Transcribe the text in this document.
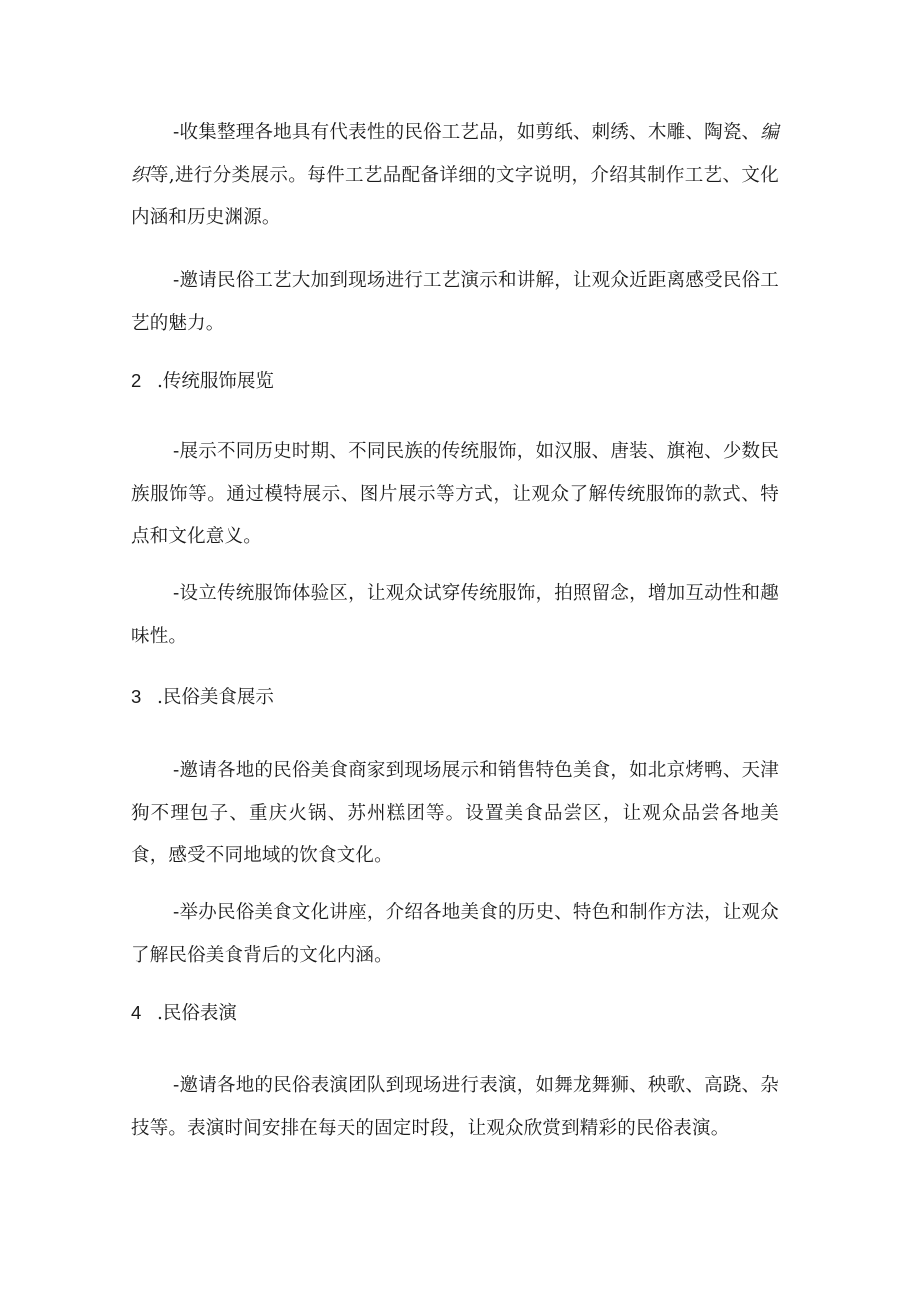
-收集整理各地具有代表性的民俗工艺品，如剪纸、刺绣、木雕、陶瓷、编织等,进行分类展示。每件工艺品配备详细的文字说明，介绍其制作工艺、文化内涵和历史渊源。

-邀请民俗工艺大加到现场进行工艺演示和讲解，让观众近距离感受民俗工艺的魅力。

2 .传统服饰展览

-展示不同历史时期、不同民族的传统服饰，如汉服、唐装、旗袍、少数民族服饰等。通过模特展示、图片展示等方式，让观众了解传统服饰的款式、特点和文化意义。

-设立传统服饰体验区，让观众试穿传统服饰，拍照留念，增加互动性和趣味性。

3 .民俗美食展示

-邀请各地的民俗美食商家到现场展示和销售特色美食，如北京烤鸭、天津狗不理包子、重庆火锅、苏州糕团等。设置美食品尝区，让观众品尝各地美食，感受不同地域的饮食文化。

-举办民俗美食文化讲座，介绍各地美食的历史、特色和制作方法，让观众了解民俗美食背后的文化内涵。

4 .民俗表演

-邀请各地的民俗表演团队到现场进行表演，如舞龙舞狮、秧歌、高跷、杂技等。表演时间安排在每天的固定时段，让观众欣赏到精彩的民俗表演。
